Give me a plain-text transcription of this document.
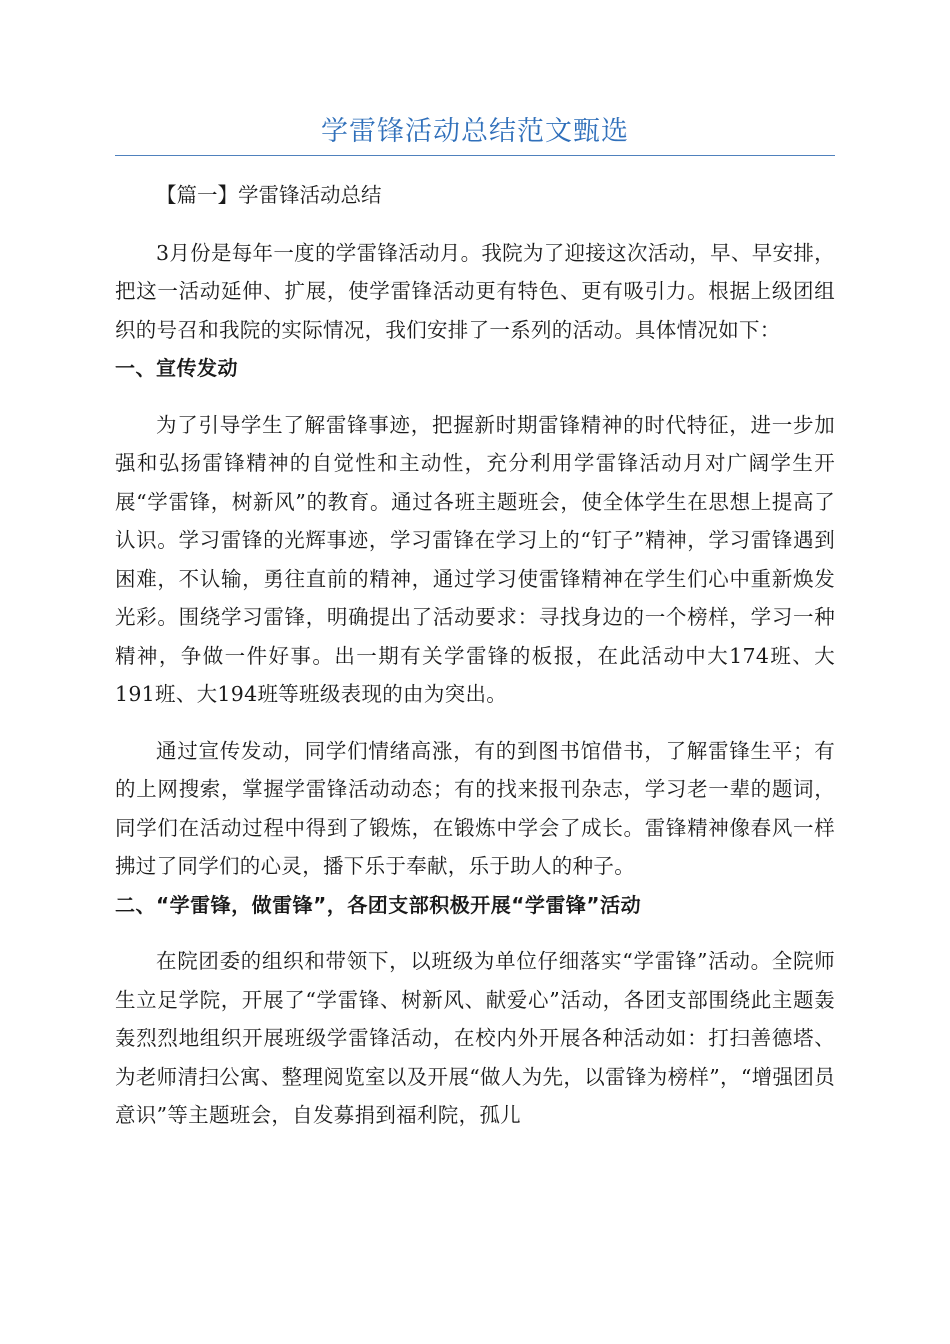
学雷锋活动总结范文甄选

【篇一】学雷锋活动总结

3月份是每年一度的学雷锋活动月。我院为了迎接这次活动，早、早安排，把这一活动延伸、扩展，使学雷锋活动更有特色、更有吸引力。根据上级团组织的号召和我院的实际情况，我们安排了一系列的活动。具体情况如下：

一、宣传发动

为了引导学生了解雷锋事迹，把握新时期雷锋精神的时代特征，进一步加强和弘扬雷锋精神的自觉性和主动性，充分利用学雷锋活动月对广阔学生开展“学雷锋，树新风”的教育。通过各班主题班会，使全体学生在思想上提高了认识。学习雷锋的光辉事迹，学习雷锋在学习上的“钉子”精神，学习雷锋遇到困难，不认输，勇往直前的精神，通过学习使雷锋精神在学生们心中重新焕发光彩。围绕学习雷锋，明确提出了活动要求：寻找身边的一个榜样，学习一种精神，争做一件好事。出一期有关学雷锋的板报，在此活动中大174班、大191班、大194班等班级表现的由为突出。

通过宣传发动，同学们情绪高涨，有的到图书馆借书，了解雷锋生平；有的上网搜索，掌握学雷锋活动动态；有的找来报刊杂志，学习老一辈的题词，同学们在活动过程中得到了锻炼，在锻炼中学会了成长。雷锋精神像春风一样拂过了同学们的心灵，播下乐于奉献，乐于助人的种子。

二、“学雷锋，做雷锋”，各团支部积极开展“学雷锋”活动

在院团委的组织和带领下，以班级为单位仔细落实“学雷锋”活动。全院师生立足学院，开展了“学雷锋、树新风、献爱心”活动，各团支部围绕此主题轰轰烈烈地组织开展班级学雷锋活动，在校内外开展各种活动如：打扫善德塔、为老师清扫公寓、整理阅览室以及开展“做人为先，以雷锋为榜样”，“增强团员意识”等主题班会，自发募捐到福利院，孤儿
